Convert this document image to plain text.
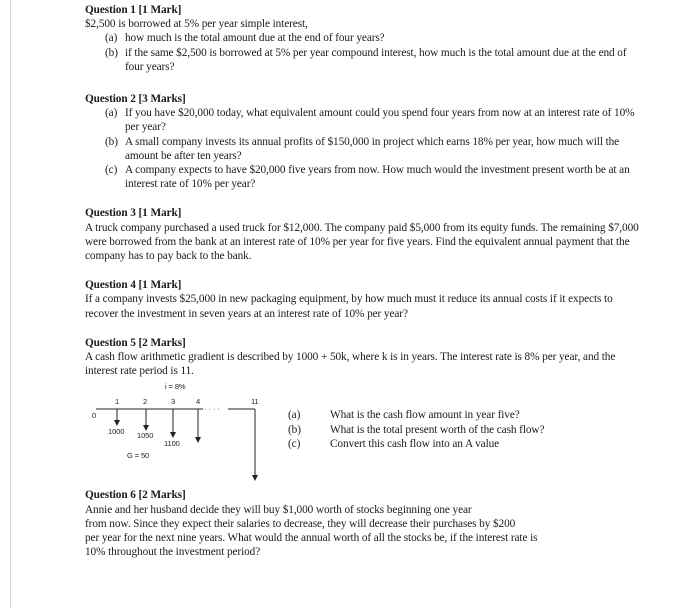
Question 1 [1 Mark]
$2,500 is borrowed at 5% per year simple interest,
(a) how much is the total amount due at the end of four years?
(b) if the same $2,500 is borrowed at 5% per year compound interest, how much is the total amount due at the end of four years?
Question 2 [3 Marks]
(a) If you have $20,000 today, what equivalent amount could you spend four years from now at an interest rate of 10% per year?
(b) A small company invests its annual profits of $150,000 in project which earns 18% per year, how much will the amount be after ten years?
(c) A company expects to have $20,000 five years from now. How much would the investment present worth be at an interest rate of 10% per year?
Question 3 [1 Mark]
A truck company purchased a used truck for $12,000. The company paid $5,000 from its equity funds. The remaining $7,000 were borrowed from the bank at an interest rate of 10% per year for five years. Find the equivalent annual payment that the company has to pay back to the bank.
Question 4 [1 Mark]
If a company invests $25,000 in new packaging equipment, by how much must it reduce its annual costs if it expects to recover the investment in seven years at an interest rate of 10% per year?
Question 5 [2 Marks]
A cash flow arithmetic gradient is described by 1000 + 50k, where k is in years. The interest rate is 8% per year, and the interest rate period is 11.
i = 8%
1	2	3	4	11
0
· · · ·
1000 1050
1100
G = 50
(a)	What is the cash flow amount in year five?
(b)	What is the total present worth of the cash flow?
(c)	Convert this cash flow into an A value
Question 6 [2 Marks]
Annie and her husband decide they will buy $1,000 worth of stocks beginning one year
from now. Since they expect their salaries to decrease, they will decrease their purchases by $200
per year for the next nine years. What would the annual worth of all the stocks be, if the interest rate is
10% throughout the investment period?
